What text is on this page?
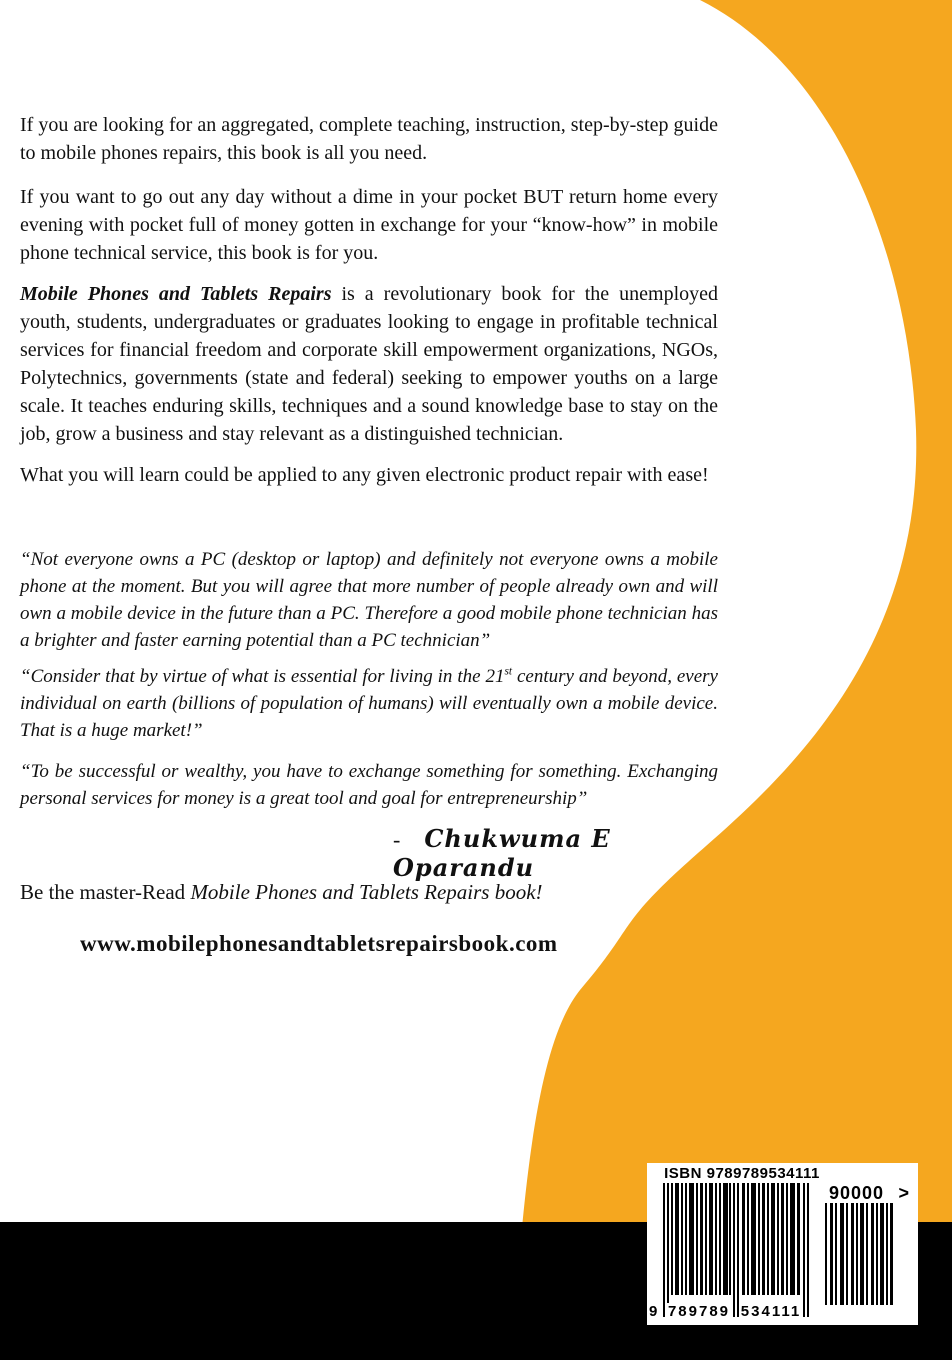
If you are looking for an aggregated, complete teaching, instruction, step-by-step guide to mobile phones repairs, this book is all you need.

If you want to go out any day without a dime in your pocket BUT return home every evening with pocket full of money gotten in exchange for your “know-how” in mobile phone technical service, this book is for you.

Mobile Phones and Tablets Repairs is a revolutionary book for the unemployed youth, students, undergraduates or graduates looking to engage in profitable technical services for financial freedom and corporate skill empowerment organizations, NGOs, Polytechnics, governments (state and federal) seeking to empower youths on a large scale. It teaches enduring skills, techniques and a sound knowledge base to stay on the job, grow a business and stay relevant as a distinguished technician.

What you will learn could be applied to any given electronic product repair with ease!

“Not everyone owns a PC (desktop or laptop) and definitely not everyone owns a mobile phone at the moment. But you will agree that more number of people already own and will own a mobile device in the future than a PC. Therefore a good mobile phone technician has a brighter and faster earning potential than a PC technician”

“Consider that by virtue of what is essential for living in the 21st century and beyond, every individual on earth (billions of population of humans) will eventually own a mobile device. That is a huge market!”

“To be successful or wealthy, you have to exchange something for something. Exchanging personal services for money is a great tool and goal for entrepreneurship”

- Chukwuma E Oparandu

Be the master-Read Mobile Phones and Tablets Repairs book!

www.mobilephonesandtabletsrepairsbook.com

ISBN 9789789534111
90000 >
9 789789 534111
